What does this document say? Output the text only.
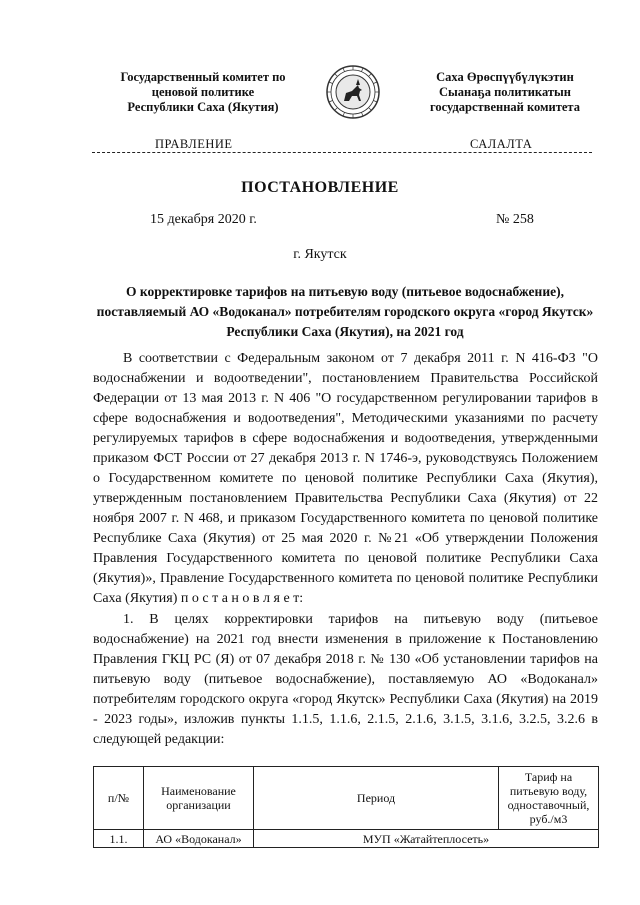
Государственный комитет по
ценовой политике
Республики Саха (Якутия)
Саха Өрөспүүбүлүкэтин
Сыанаҕа политикатын
государственнай комитета
ПРАВЛЕНИЕ	САЛАЛТА
ПОСТАНОВЛЕНИЕ
15 декабря 2020 г.	№ 258
г. Якутск
О корректировке тарифов на питьевую воду (питьевое водоснабжение), поставляемый АО «Водоканал» потребителям городского округа «город Якутск» Республики Саха (Якутия), на 2021 год

В соответствии с Федеральным законом от 7 декабря 2011 г. N 416-ФЗ "О водоснабжении и водоотведении", постановлением Правительства Российской Федерации от 13 мая 2013 г. N 406 "О государственном регулировании тарифов в сфере водоснабжения и водоотведения", Методическими указаниями по расчету регулируемых тарифов в сфере водоснабжения и водоотведения, утвержденными приказом ФСТ России от 27 декабря 2013 г. N 1746-э, руководствуясь Положением о Государственном комитете по ценовой политике Республики Саха (Якутия), утвержденным постановлением Правительства Республики Саха (Якутия) от 22 ноября 2007 г. N 468, и приказом Государственного комитета по ценовой политике Республике Саха (Якутия) от 25 мая 2020 г. №21 «Об утверждении Положения Правления Государственного комитета по ценовой политике Республики Саха (Якутия)», Правление Государственного комитета по ценовой политике Республики Саха (Якутия) п о с т а н о в л я е т:

1. В целях корректировки тарифов на питьевую воду (питьевое водоснабжение) на 2021 год внести изменения в приложение к Постановлению Правления ГКЦ РС (Я) от 07 декабря 2018 г. № 130 «Об установлении тарифов на питьевую воду (питьевое водоснабжение), поставляемую АО «Водоканал» потребителям городского округа «город Якутск» Республики Саха (Якутия) на 2019 - 2023 годы», изложив пункты 1.1.5, 1.1.6, 2.1.5, 2.1.6, 3.1.5, 3.1.6, 3.2.5, 3.2.6 в следующей редакции:

п/№	Наименование организации	Период	Тариф на питьевую воду, одноставочный, руб./м3
1.1.	АО «Водоканал»	МУП «Жатайтеплосеть»	
